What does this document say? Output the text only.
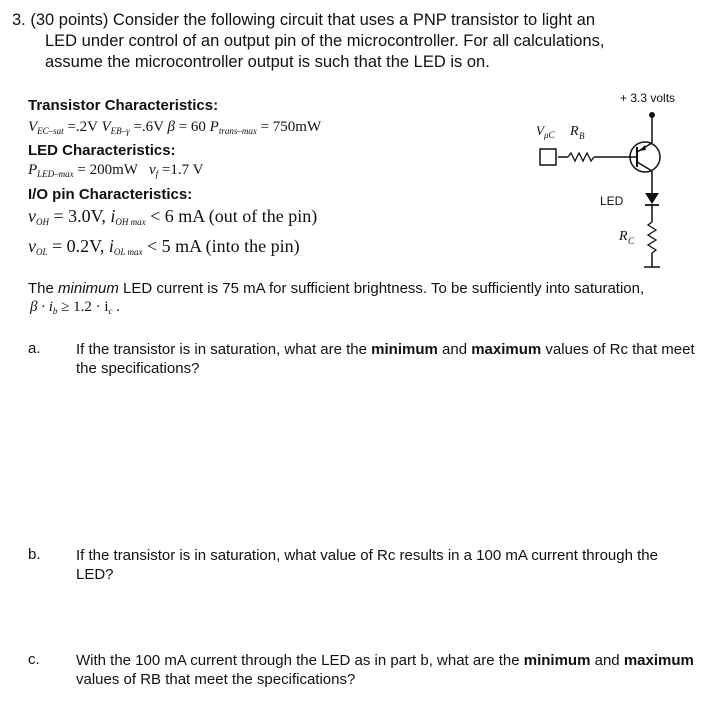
3. (30 points) Consider the following circuit that uses a PNP transistor to light an
LED under control of an output pin of the microcontroller. For all calculations,
assume the microcontroller output is such that the LED is on.
Transistor Characteristics:
$V_{EC-sat} =.2V$ $V_{EB-\gamma} =.6V$ β = 60 $P_{trans-max} = 750mW$
LED Characteristics:
$P_{LED-max} = 200mW$ $v_f =1.7$ V
I/O pin Characteristics:
$v_{OH} = 3.0V$, $i_{OH max} < 6$ mA (out of the pin)
$v_{OL} = 0.2V$, $i_{OL max} < 5$ mA (into the pin)
+ 3.3 volts
V μC R B
LED
R C
The minimum LED current is 75 mA for sufficient brightness. To be sufficiently into saturation,
$\beta \cdot i_b \ge 1.2 \cdot i_c$ .
a. If the transistor is in saturation, what are the minimum and maximum values of Rc that meet the specifications?
b. If the transistor is in saturation, what value of Rc results in a 100 mA current through the LED?
c. With the 100 mA current through the LED as in part b, what are the minimum and maximum values of RB that meet the specifications?
